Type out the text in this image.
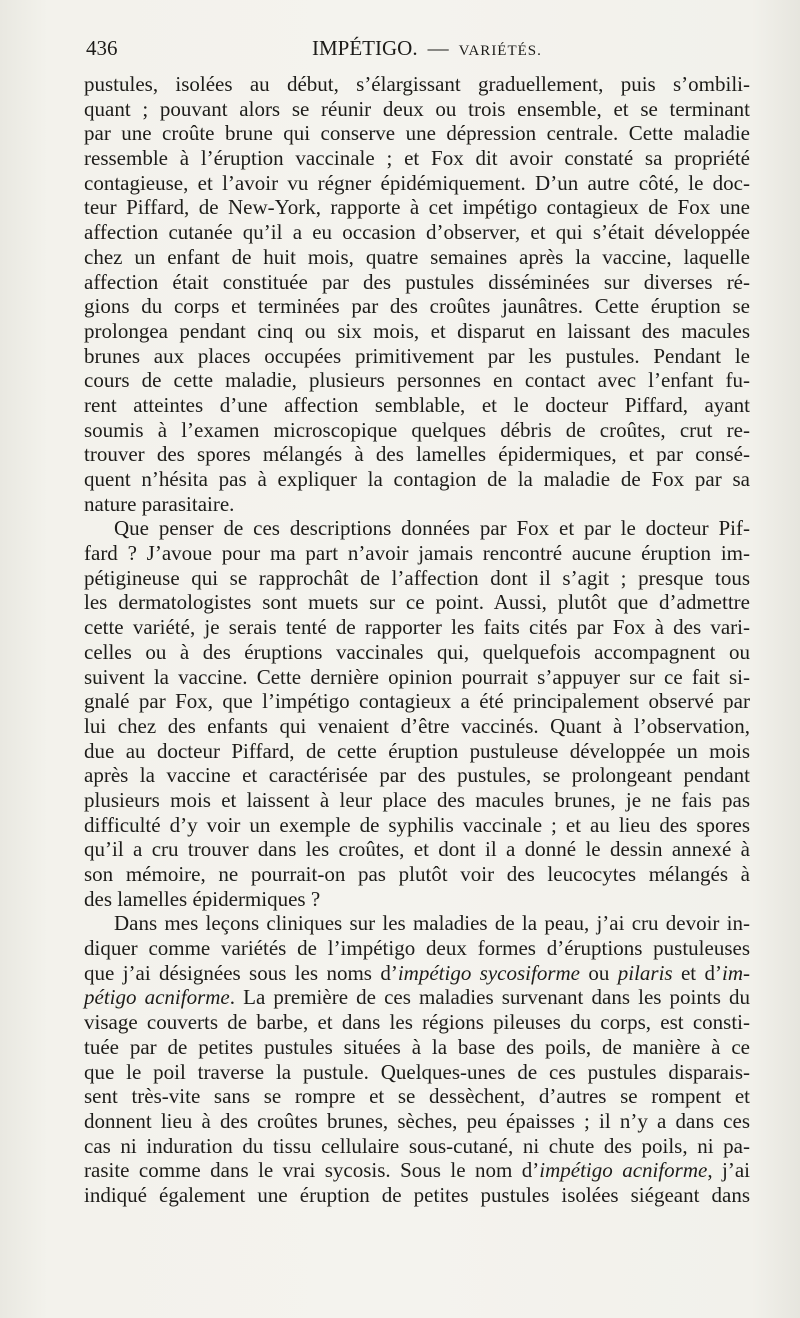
436	IMPÉTIGO. — VARIÉTÉS.
pustules, isolées au début, s’élargissant graduellement, puis s’ombili-
quant ; pouvant alors se réunir deux ou trois ensemble, et se terminant
par une croûte brune qui conserve une dépression centrale. Cette maladie
ressemble à l’éruption vaccinale ; et Fox dit avoir constaté sa propriété
contagieuse, et l’avoir vu régner épidémiquement. D’un autre côté, le doc-
teur Piffard, de New-York, rapporte à cet impétigo contagieux de Fox une
affection cutanée qu’il a eu occasion d’observer, et qui s’était développée
chez un enfant de huit mois, quatre semaines après la vaccine, laquelle
affection était constituée par des pustules disséminées sur diverses ré-
gions du corps et terminées par des croûtes jaunâtres. Cette éruption se
prolongea pendant cinq ou six mois, et disparut en laissant des macules
brunes aux places occupées primitivement par les pustules. Pendant le
cours de cette maladie, plusieurs personnes en contact avec l’enfant fu-
rent atteintes d’une affection semblable, et le docteur Piffard, ayant
soumis à l’examen microscopique quelques débris de croûtes, crut re-
trouver des spores mélangés à des lamelles épidermiques, et par consé-
quent n’hésita pas à expliquer la contagion de la maladie de Fox par sa
nature parasitaire.
Que penser de ces descriptions données par Fox et par le docteur Pif-
fard ? J’avoue pour ma part n’avoir jamais rencontré aucune éruption im-
pétigineuse qui se rapprochât de l’affection dont il s’agit ; presque tous
les dermatologistes sont muets sur ce point. Aussi, plutôt que d’admettre
cette variété, je serais tenté de rapporter les faits cités par Fox à des vari-
celles ou à des éruptions vaccinales qui, quelquefois accompagnent ou
suivent la vaccine. Cette dernière opinion pourrait s’appuyer sur ce fait si-
gnalé par Fox, que l’impétigo contagieux a été principalement observé par
lui chez des enfants qui venaient d’être vaccinés. Quant à l’observation,
due au docteur Piffard, de cette éruption pustuleuse développée un mois
après la vaccine et caractérisée par des pustules, se prolongeant pendant
plusieurs mois et laissent à leur place des macules brunes, je ne fais pas
difficulté d’y voir un exemple de syphilis vaccinale ; et au lieu des spores
qu’il a cru trouver dans les croûtes, et dont il a donné le dessin annexé à
son mémoire, ne pourrait-on pas plutôt voir des leucocytes mélangés à
des lamelles épidermiques ?
Dans mes leçons cliniques sur les maladies de la peau, j’ai cru devoir in-
diquer comme variétés de l’impétigo deux formes d’éruptions pustuleuses
que j’ai désignées sous les noms d’impétigo sycosiforme ou pilaris et d’im-
pétigo acniforme. La première de ces maladies survenant dans les points du
visage couverts de barbe, et dans les régions pileuses du corps, est consti-
tuée par de petites pustules situées à la base des poils, de manière à ce
que le poil traverse la pustule. Quelques-unes de ces pustules disparais-
sent très-vite sans se rompre et se dessèchent, d’autres se rompent et
donnent lieu à des croûtes brunes, sèches, peu épaisses ; il n’y a dans ces
cas ni induration du tissu cellulaire sous-cutané, ni chute des poils, ni pa-
rasite comme dans le vrai sycosis. Sous le nom d’impétigo acniforme, j’ai
indiqué également une éruption de petites pustules isolées siégeant dans
